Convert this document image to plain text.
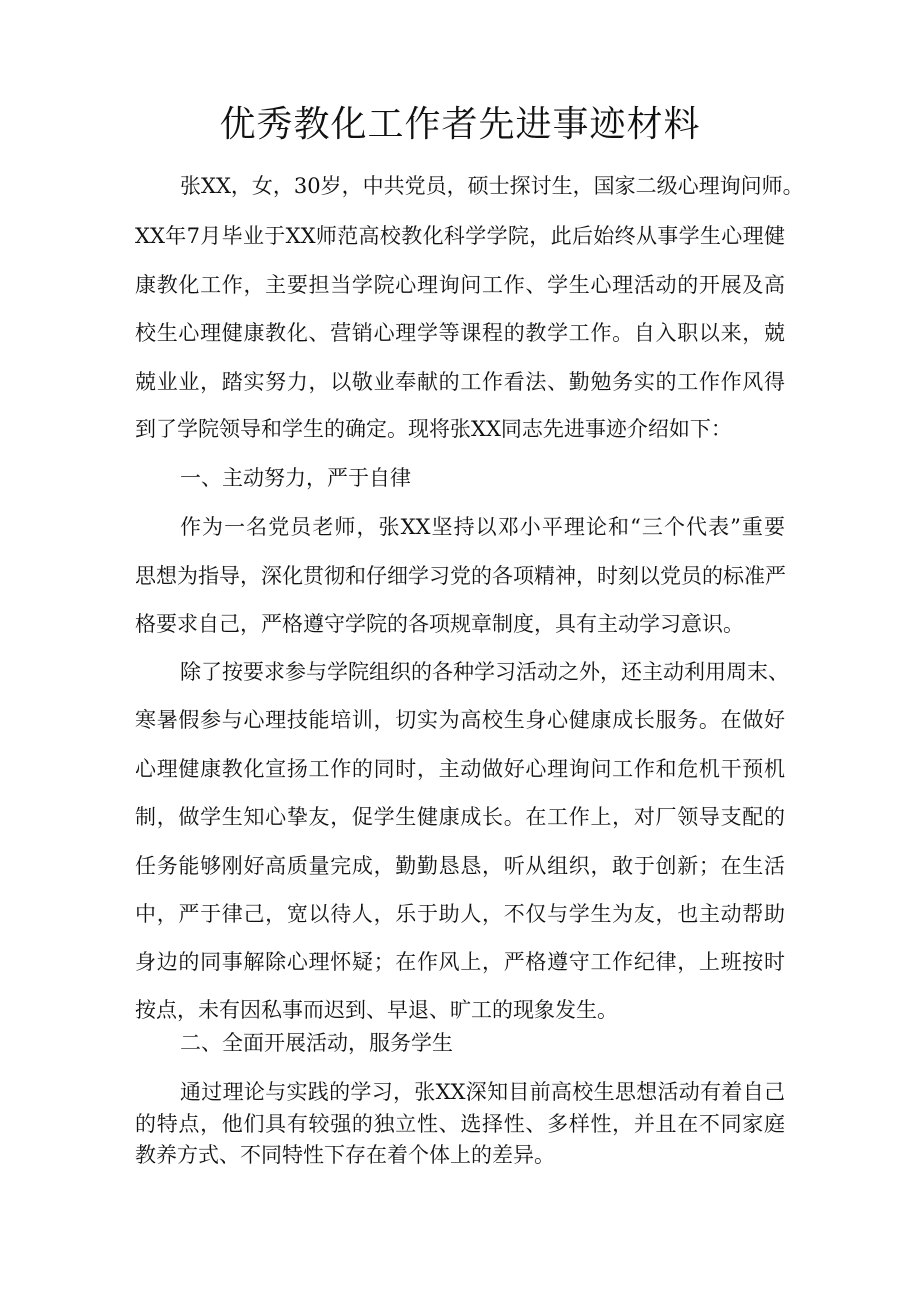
优秀教化工作者先进事迹材料
张XX，女，30岁，中共党员，硕士探讨生，国家二级心理询问师。
XX年7月毕业于XX师范高校教化科学学院，此后始终从事学生心理健
康教化工作，主要担当学院心理询问工作、学生心理活动的开展及高
校生心理健康教化、营销心理学等课程的教学工作。自入职以来，兢
兢业业，踏实努力，以敬业奉献的工作看法、勤勉务实的工作作风得
到了学院领导和学生的确定。现将张XX同志先进事迹介绍如下：
一、主动努力，严于自律
作为一名党员老师，张XX坚持以邓小平理论和“三个代表”重要
思想为指导，深化贯彻和仔细学习党的各项精神，时刻以党员的标准严
格要求自己，严格遵守学院的各项规章制度，具有主动学习意识。
除了按要求参与学院组织的各种学习活动之外，还主动利用周末、
寒暑假参与心理技能培训，切实为高校生身心健康成长服务。在做好
心理健康教化宣扬工作的同时，主动做好心理询问工作和危机干预机
制，做学生知心挚友，促学生健康成长。在工作上，对厂领导支配的
任务能够刚好高质量完成，勤勤恳恳，听从组织，敢于创新；在生活
中，严于律己，宽以待人，乐于助人，不仅与学生为友，也主动帮助
身边的同事解除心理怀疑；在作风上，严格遵守工作纪律，上班按时
按点，未有因私事而迟到、早退、旷工的现象发生。
二、全面开展活动，服务学生
通过理论与实践的学习，张XX深知目前高校生思想活动有着自己
的特点，他们具有较强的独立性、选择性、多样性，并且在不同家庭
教养方式、不同特性下存在着个体上的差异。
